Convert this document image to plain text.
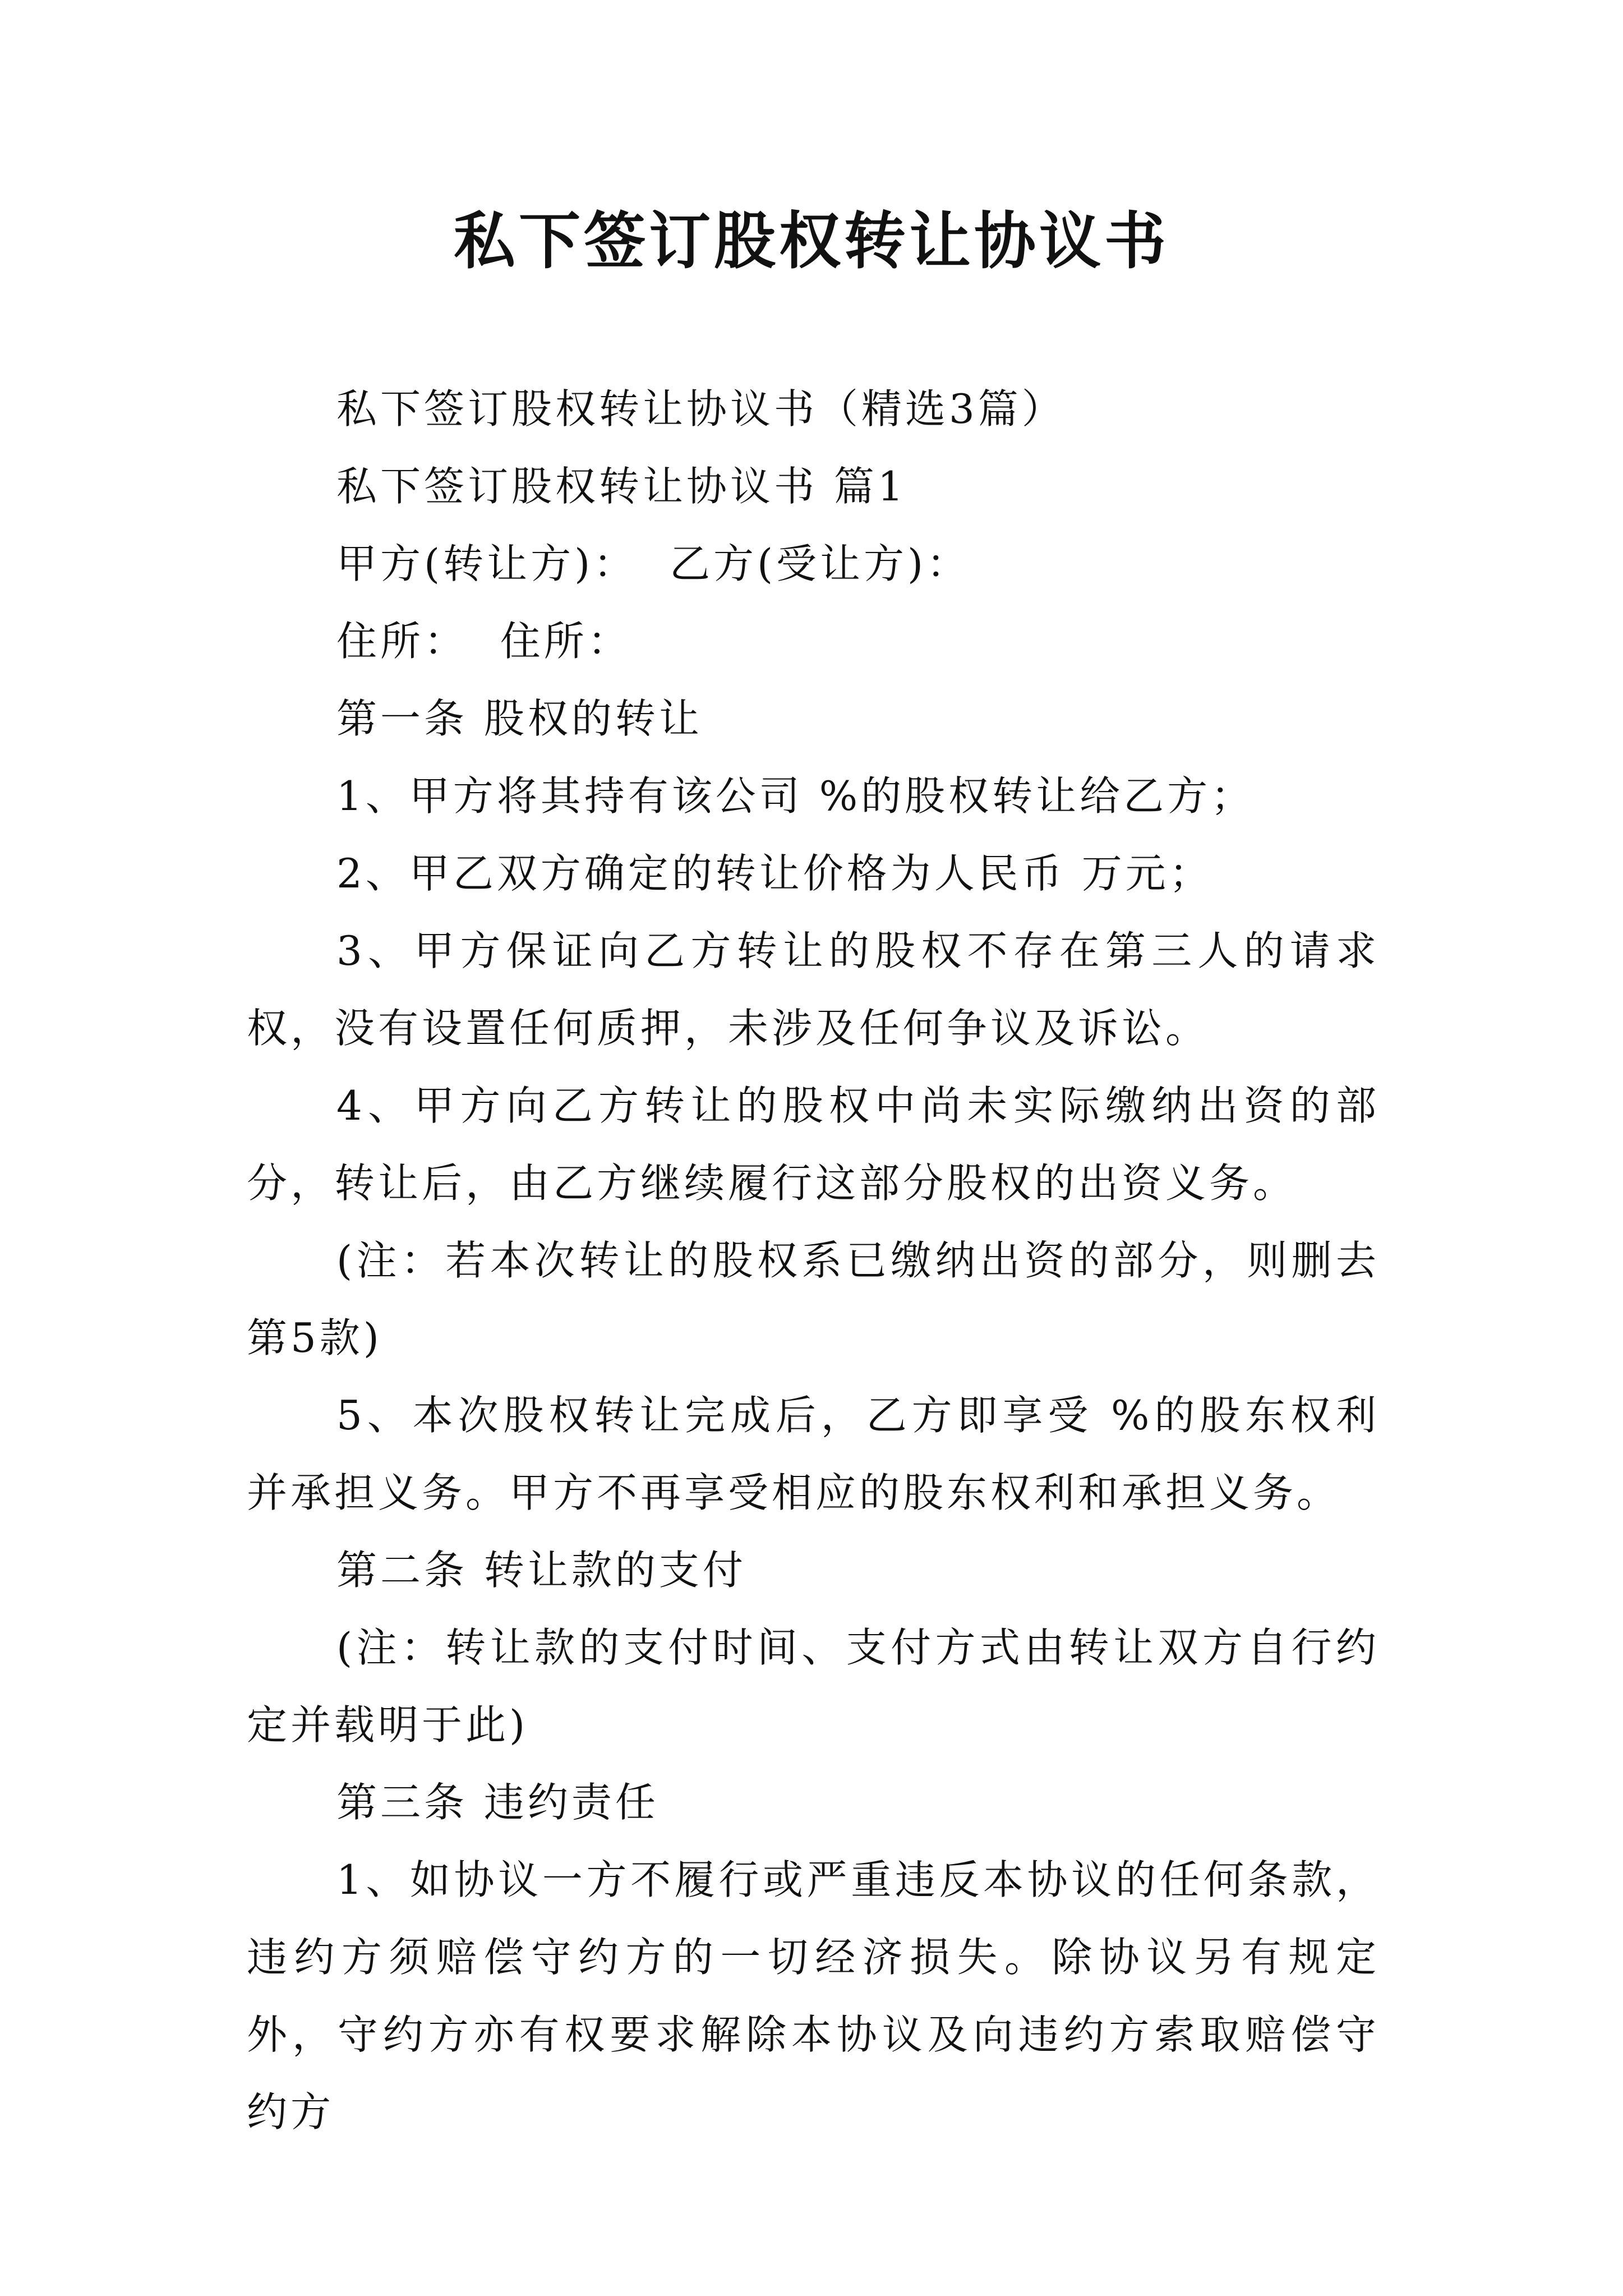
私下签订股权转让协议书

私下签订股权转让协议书（精选3篇）

私下签订股权转让协议书 篇1

甲方(转让方)：  乙方(受让方)：

住所：  住所：

第一条 股权的转让

1、甲方将其持有该公司 %的股权转让给乙方；

2、甲乙双方确定的转让价格为人民币 万元；

3、甲方保证向乙方转让的股权不存在第三人的请求权，没有设置任何质押，未涉及任何争议及诉讼。

4、甲方向乙方转让的股权中尚未实际缴纳出资的部分，转让后，由乙方继续履行这部分股权的出资义务。

(注：若本次转让的股权系已缴纳出资的部分，则删去第5款)

5、本次股权转让完成后，乙方即享受 %的股东权利并承担义务。甲方不再享受相应的股东权利和承担义务。

第二条 转让款的支付

(注：转让款的支付时间、支付方式由转让双方自行约定并载明于此)

第三条 违约责任

1、如协议一方不履行或严重违反本协议的任何条款，违约方须赔偿守约方的一切经济损失。除协议另有规定外，守约方亦有权要求解除本协议及向违约方索取赔偿守约方
